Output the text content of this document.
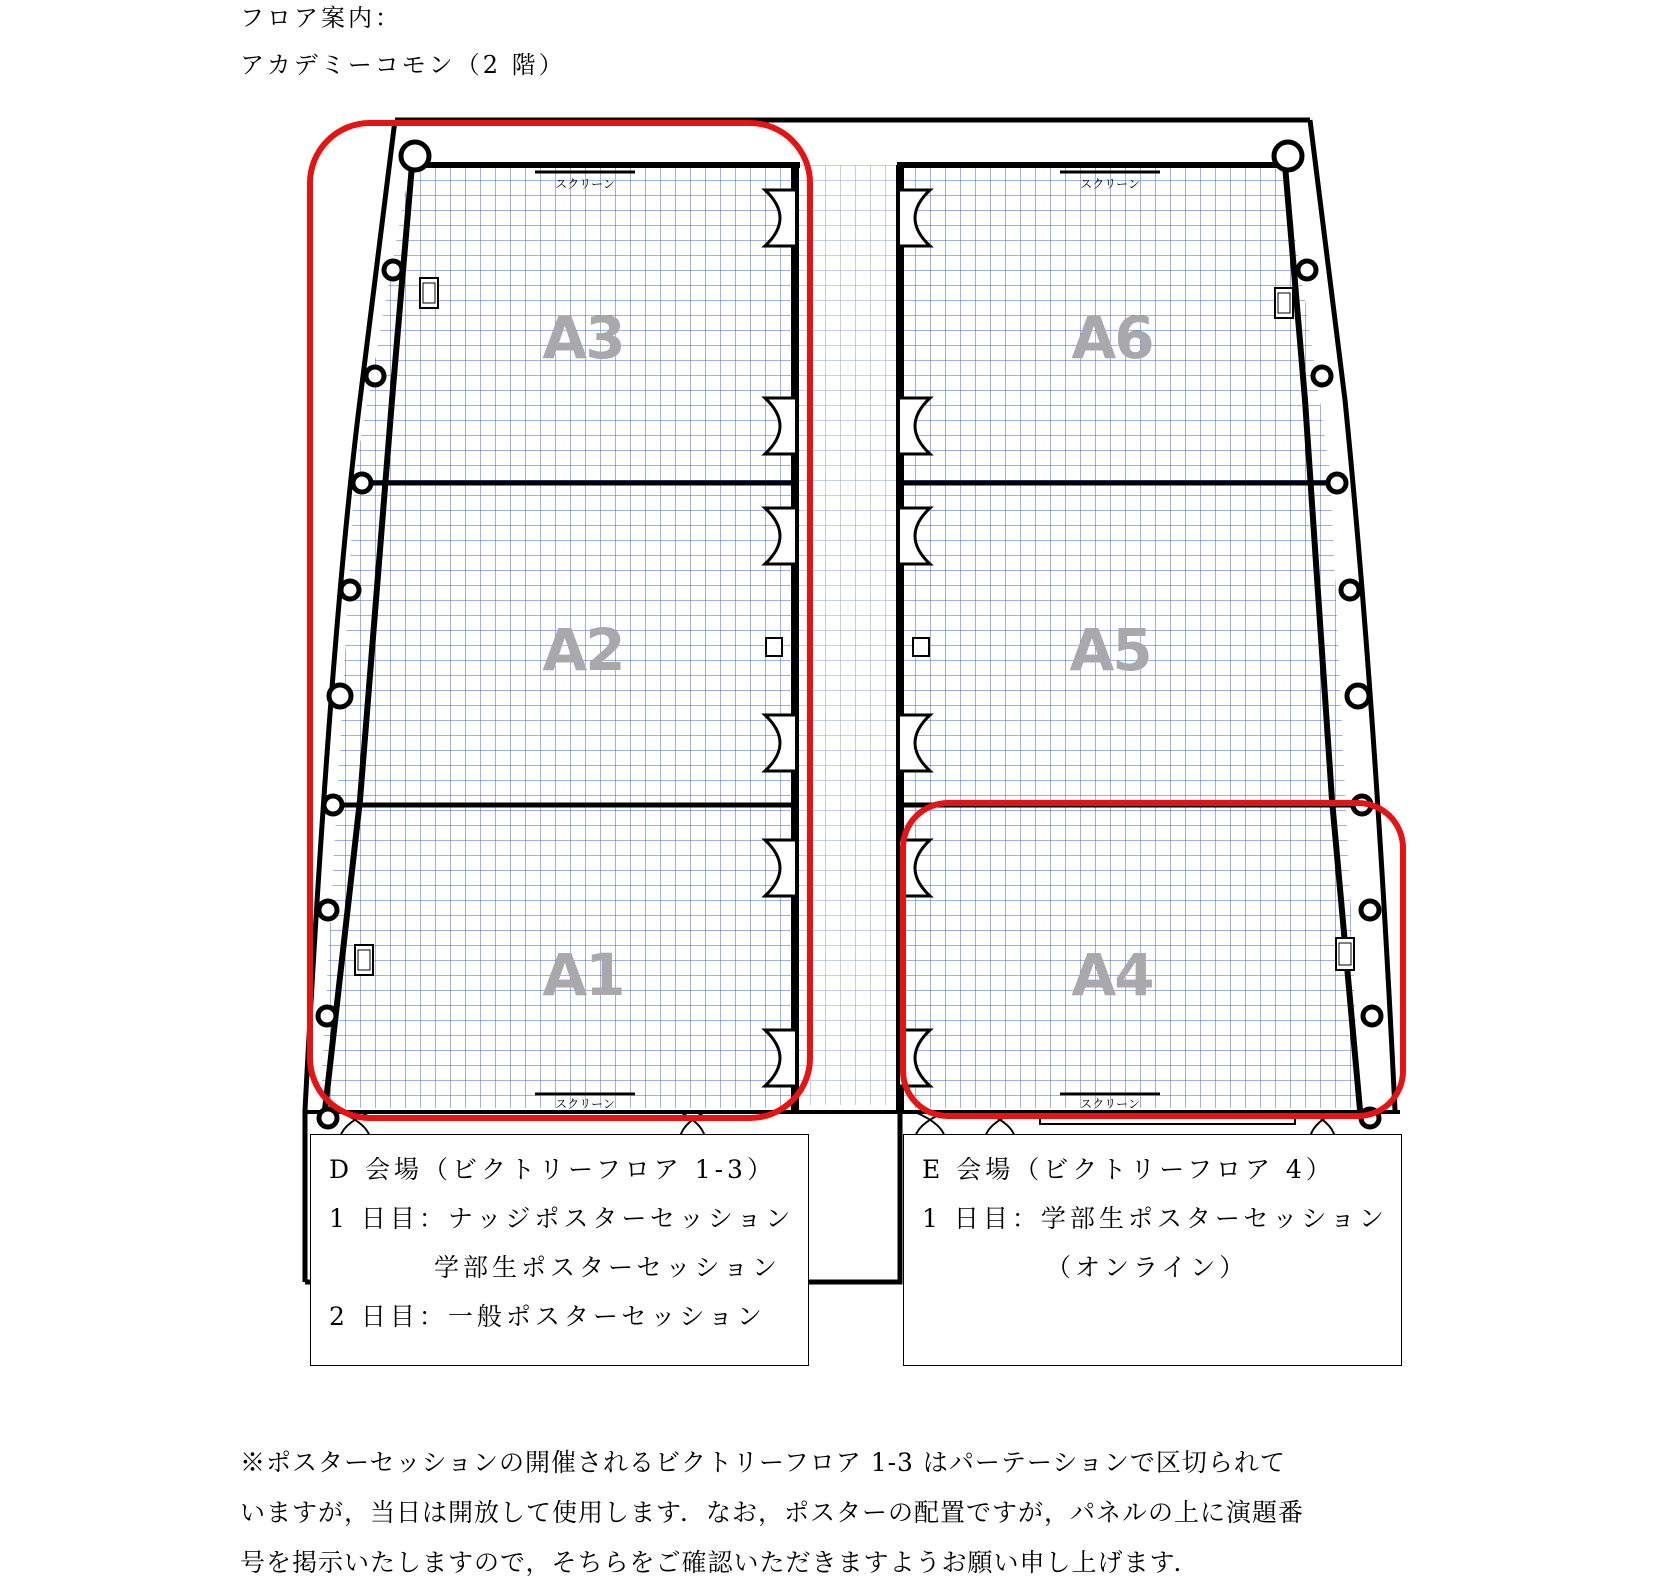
フロア案内：
アカデミーコモン（2 階）
スクリーン	スクリーン
スクリーン	スクリーン
A3
A2
A1
A6
A5
A4
D 会場（ビクトリーフロア 1-3）
1 日目：ナッジポスターセッション
学部生ポスターセッション
2 日目：一般ポスターセッション
E 会場（ビクトリーフロア 4）
1 日目：学部生ポスターセッション
（オンライン）
※ポスターセッションの開催されるビクトリーフロア 1-3 はパーテーションで区切られて
いますが，当日は開放して使用します．なお，ポスターの配置ですが，パネルの上に演題番
号を掲示いたしますので，そちらをご確認いただきますようお願い申し上げます．
